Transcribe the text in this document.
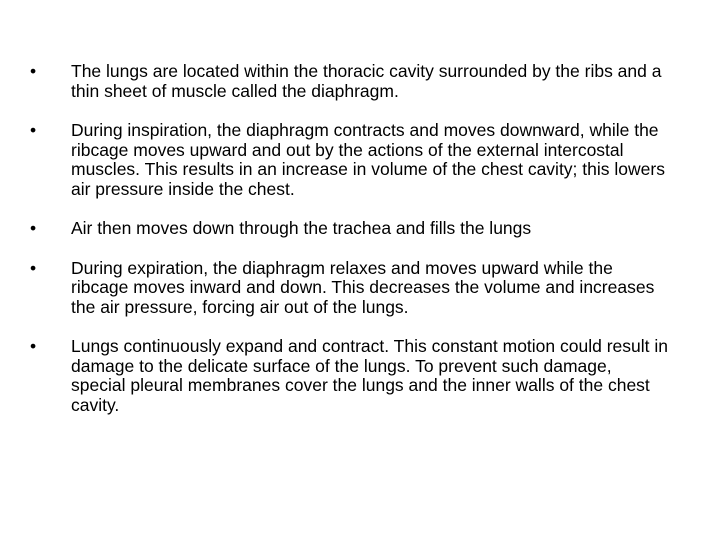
•	The lungs are located within the thoracic cavity surrounded by the ribs and a thin sheet of muscle called the diaphragm.
•	During inspiration, the diaphragm contracts and moves downward, while the ribcage moves upward and out by the actions of the external intercostal muscles. This results in an increase in volume of the chest cavity; this lowers air pressure inside the chest.
•	Air then moves down through the trachea and fills the lungs
•	During expiration, the diaphragm relaxes and moves upward while the ribcage moves inward and down. This decreases the volume and increases the air pressure, forcing air out of the lungs.
•	Lungs continuously expand and contract. This constant motion could result in damage to the delicate surface of the lungs. To prevent such damage, special pleural membranes cover the lungs and the inner walls of the chest cavity.
